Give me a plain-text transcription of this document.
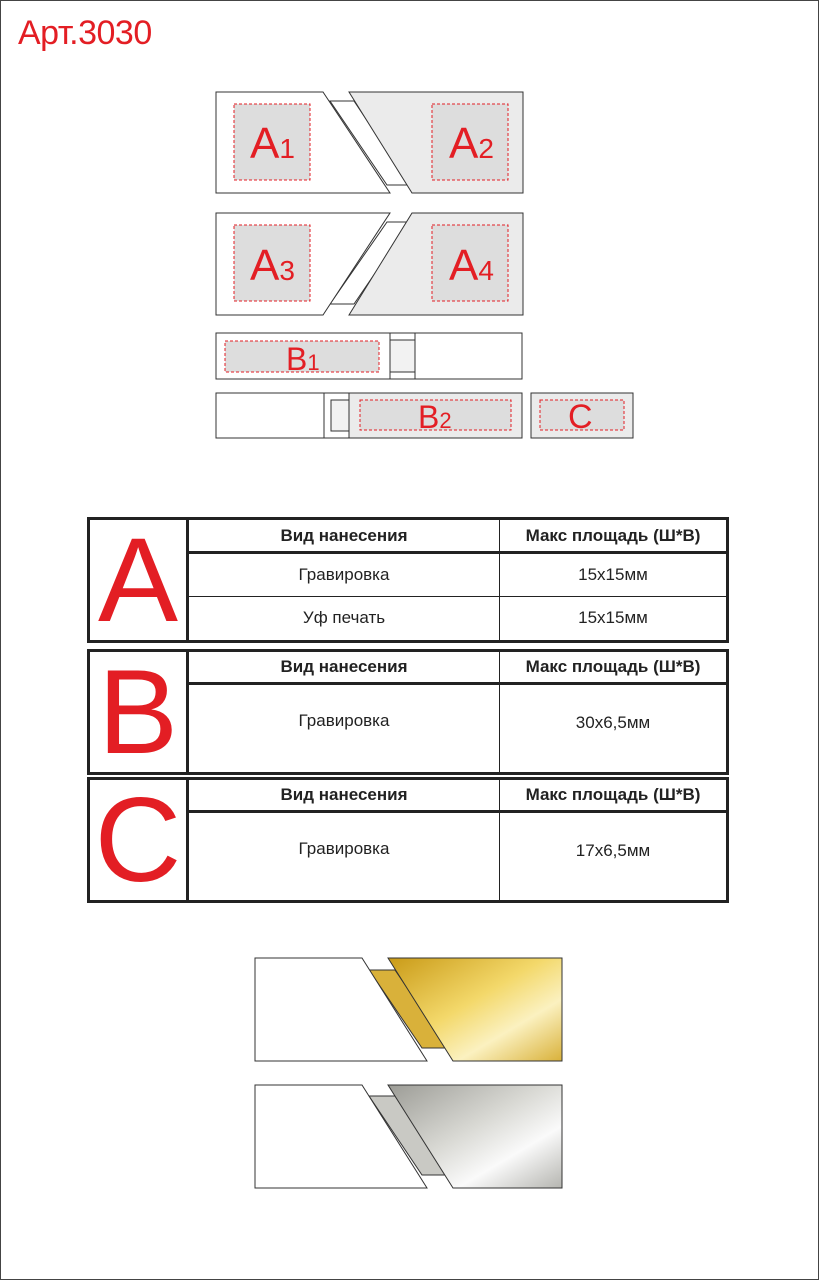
Арт.3030
A1	A2
A3	A4
B1
B2	C
A	Вид нанесения	Макс площадь (Ш*В)
	Гравировка	15x15мм
	Уф печать	15x15мм
B	Вид нанесения	Макс площадь (Ш*В)
	Гравировка	30x6,5мм
C	Вид нанесения	Макс площадь (Ш*В)
	Гравировка	17x6,5мм
